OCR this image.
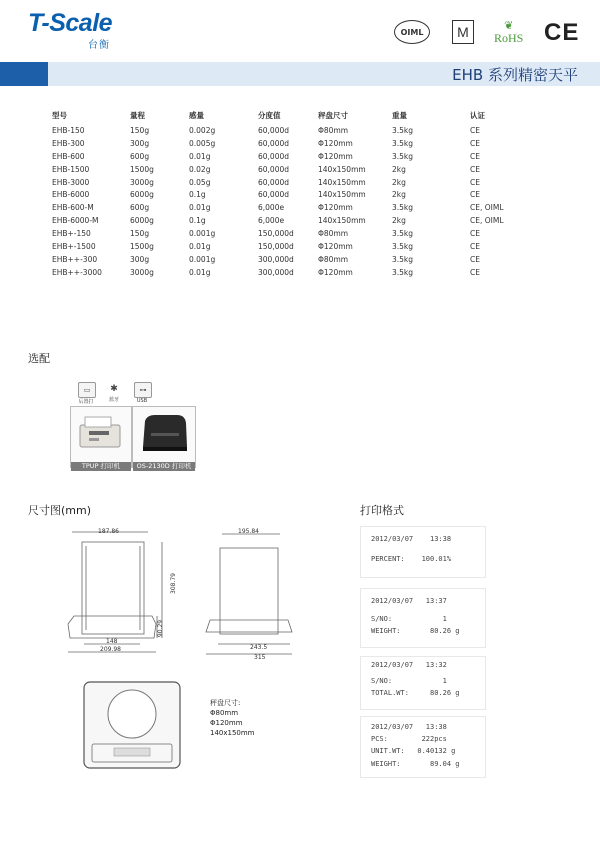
T-Scale
台衡
OIML M	❦
RoHS CE
EHB 系列精密天平
型号	量程	感量	分度值	秤盘尺寸	重量	认证
EHB-150	150g	0.002g	60,000d	Φ80mm	3.5kg	CE
EHB-300	300g	0.005g	60,000d	Φ120mm	3.5kg	CE
EHB-600	600g	0.01g	60,000d	Φ120mm	3.5kg	CE
EHB-1500	1500g	0.02g	60,000d	140x150mm	2kg	CE
EHB-3000	3000g	0.05g	60,000d	140x150mm	2kg	CE
EHB-6000	6000g	0.1g	60,000d	140x150mm	2kg	CE
EHB-600-M	600g	0.01g	6,000e	Φ120mm	3.5kg	CE, OIML
EHB-6000-M	6000g	0.1g	6,000e	140x150mm	2kg	CE, OIML
EHB+-150	150g	0.001g	150,000d	Φ80mm	3.5kg	CE
EHB+-1500	1500g	0.01g	150,000d	Φ120mm	3.5kg	CE
EHB++-300	300g	0.001g	300,000d	Φ80mm	3.5kg	CE
EHB++-3000	3000g	0.01g	300,000d	Φ120mm	3.5kg	CE
选配
▭
后置打
✱
蓝牙
⊶
USB
TPUP 打印机	OS-2130D 打印机
尺寸图(mm)
187.86
308.79
90.29
148
209.98
195.84
243.5
315
秤盘尺寸:
Φ80mm
Φ120mm
140x150mm
打印格式
2012/03/07    13:38
PERCENT:    100.01%
2012/03/07   13:37
S/NO:            1
WEIGHT:       80.26 g
2012/03/07   13:32
S/NO:            1
TOTAL.WT:     80.26 g
2012/03/07   13:38
PCS:        222pcs
UNIT.WT:   0.40132 g
WEIGHT:       89.04 g
